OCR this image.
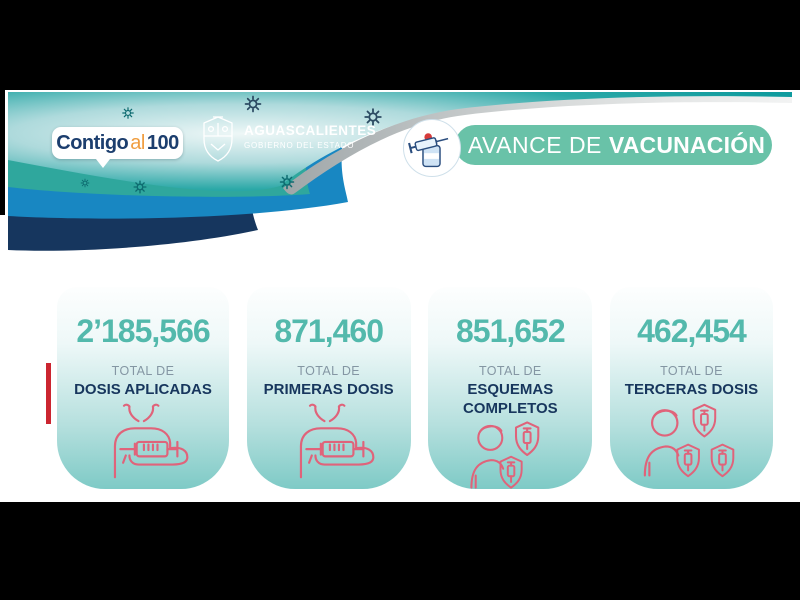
Contigo al 100
AGUASCALIENTES
GOBIERNO DEL ESTADO	AVANCE DE VACUNACIÓN
2’185,566
TOTAL DE
DOSIS APLICADAS
871,460
TOTAL DE
PRIMERAS DOSIS
851,652
TOTAL DE
ESQUEMAS
COMPLETOS
462,454
TOTAL DE
TERCERAS DOSIS
